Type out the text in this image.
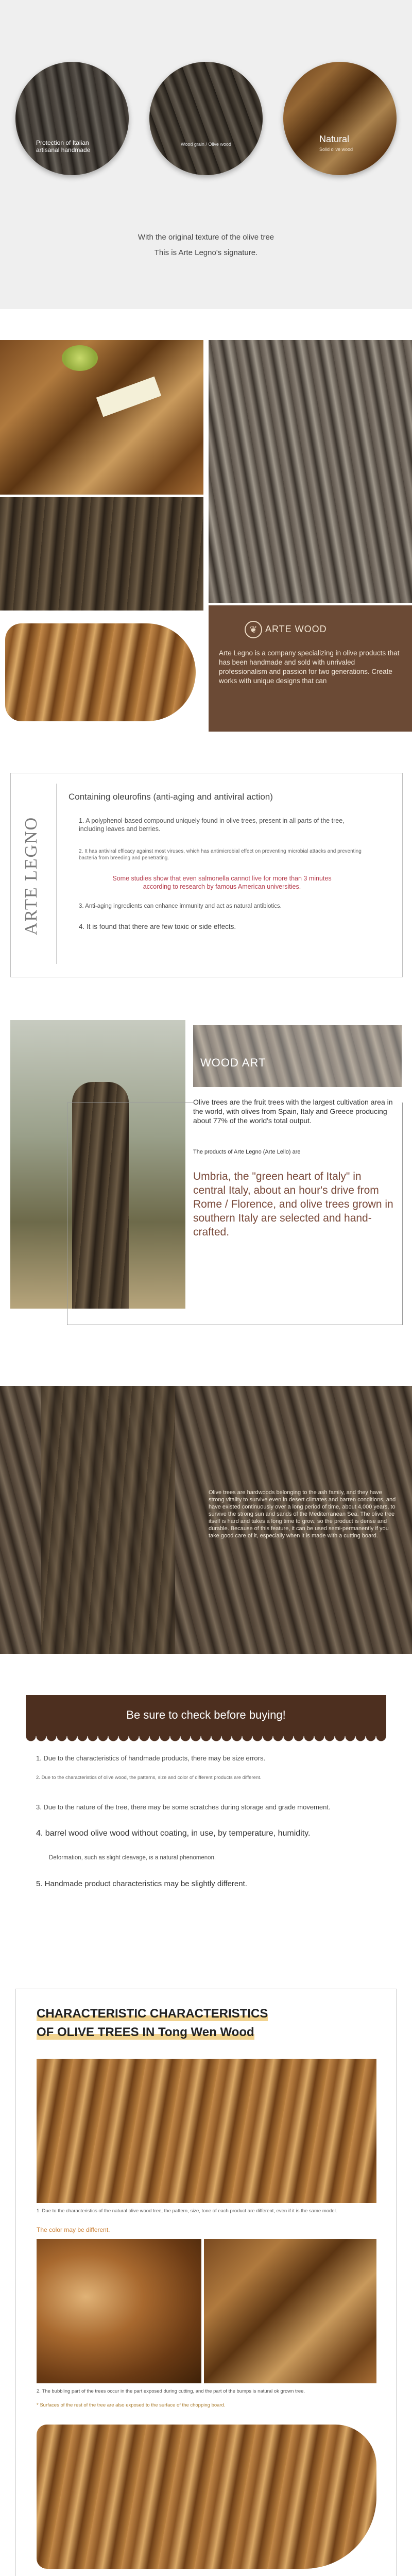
Protection of Italian artisanal handmade
Wood grain / Olive wood	Natural
Solid olive wood

With the original texture of the olive tree

This is Arte Legno's signature.

❦ ARTE WOOD

Arte Legno is a company specializing in olive products that has been handmade and sold with unrivaled professionalism and passion for two generations. Create works with unique designs that can

ARTE LEGNO
Containing oleurofins (anti-aging and antiviral action)

1. A polyphenol-based compound uniquely found in olive trees, present in all parts of the tree, including leaves and berries.

2. It has antiviral efficacy against most viruses, which has antimicrobial effect on preventing microbial attacks and preventing bacteria from breeding and penetrating.

Some studies show that even salmonella cannot live for more than 3 minutes according to research by famous American universities.

3. Anti-aging ingredients can enhance immunity and act as natural antibiotics.

4. It is found that there are few toxic or side effects.

WOOD ART

Olive trees are the fruit trees with the largest cultivation area in the world, with olives from Spain, Italy and Greece producing about 77% of the world's total output.

The products of Arte Legno (Arte Lello) are

Umbria, the "green heart of Italy" in central Italy, about an hour's drive from Rome / Florence, and olive trees grown in southern Italy are selected and hand-crafted.

Olive trees are hardwoods belonging to the ash family, and they have strong vitality to survive even in desert climates and barren conditions, and have existed continuously over a long period of time, about 4,000 years, to survive the strong sun and sands of the Mediterranean Sea. The olive tree itself is hard and takes a long time to grow, so the product is dense and durable. Because of this feature, it can be used semi-permanently if you take good care of it, especially when it is made with a cutting board.

Be sure to check before buying!

1. Due to the characteristics of handmade products, there may be size errors.

2. Due to the characteristics of olive wood, the patterns, size and color of different products are different.

3. Due to the nature of the tree, there may be some scratches during storage and grade movement.

4. barrel wood olive wood without coating, in use, by temperature, humidity.

Deformation, such as slight cleavage, is a natural phenomenon.

5. Handmade product characteristics may be slightly different.

CHARACTERISTIC CHARACTERISTICS
OF OLIVE TREES IN Tong Wen Wood

1. Due to the characteristics of the natural olive wood tree, the pattern, size, tone of each product are different, even if it is the same model.

The color may be different.

2. The bubbling part of the trees occur in the part exposed during cutting, and the part of the bumps is natural ok grown tree.

* Surfaces of the rest of the tree are also exposed to the surface of the chopping board.
